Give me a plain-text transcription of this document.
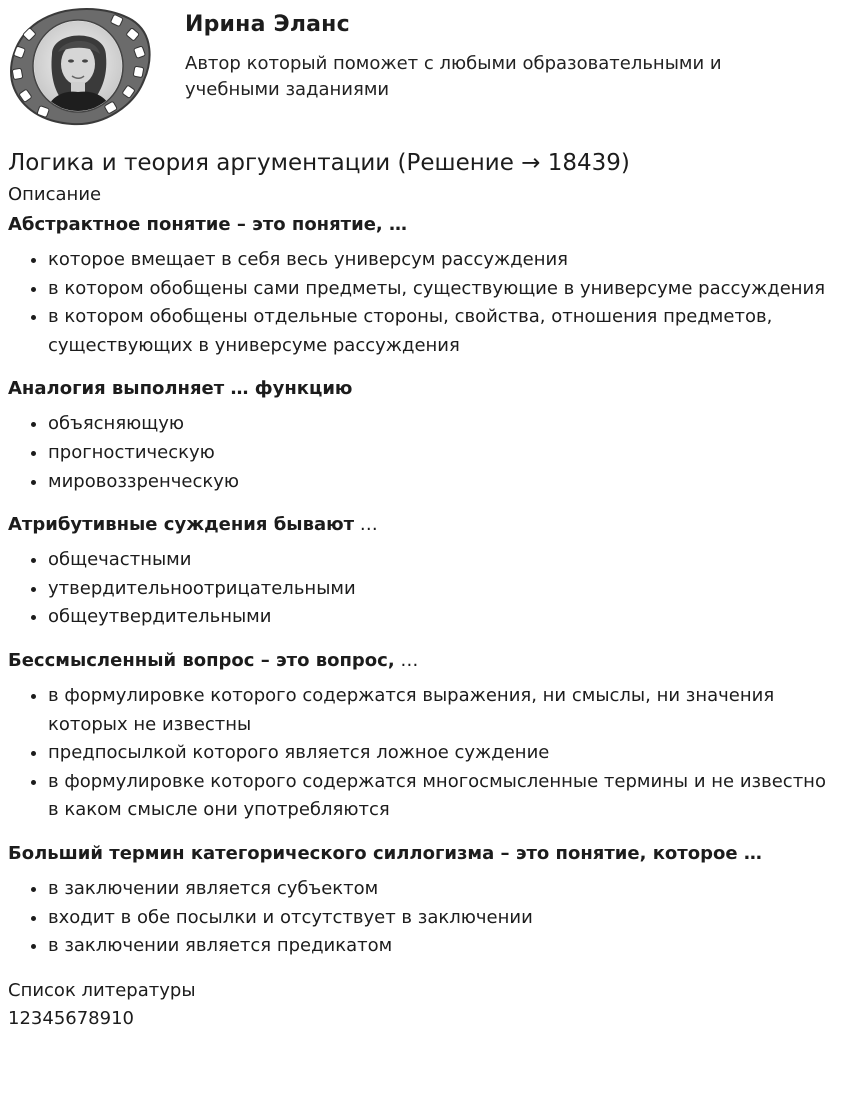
Ирина Эланс
Автор который поможет с любыми образовательными и учебными заданиями
Логика и теория аргументации (Решение → 18439)
Описание

Абстрактное понятие – это понятие, …

• которое вмещает в себя весь универсум рассуждения
• в котором обобщены сами предметы, существующие в универсуме рассуждения
• в котором обобщены отдельные стороны, свойства, отношения предметов, существующих в универсуме рассуждения

Аналогия выполняет … функцию

• объясняющую
• прогностическую
• мировоззренческую

Атрибутивные суждения бывают …

• общечастными
• утвердительноотрицательными
• общеутвердительными

Бессмысленный вопрос – это вопрос, …

• в формулировке которого содержатся выражения, ни смыслы, ни значения которых не известны
• предпосылкой которого является ложное суждение
• в формулировке которого содержатся многосмысленные термины и не известно в каком смысле они употребляются

Больший термин категорического силлогизма – это понятие, которое …

• в заключении является субъектом
• входит в обе посылки и отсутствует в заключении
• в заключении является предикатом
Список литературы
12345678910
